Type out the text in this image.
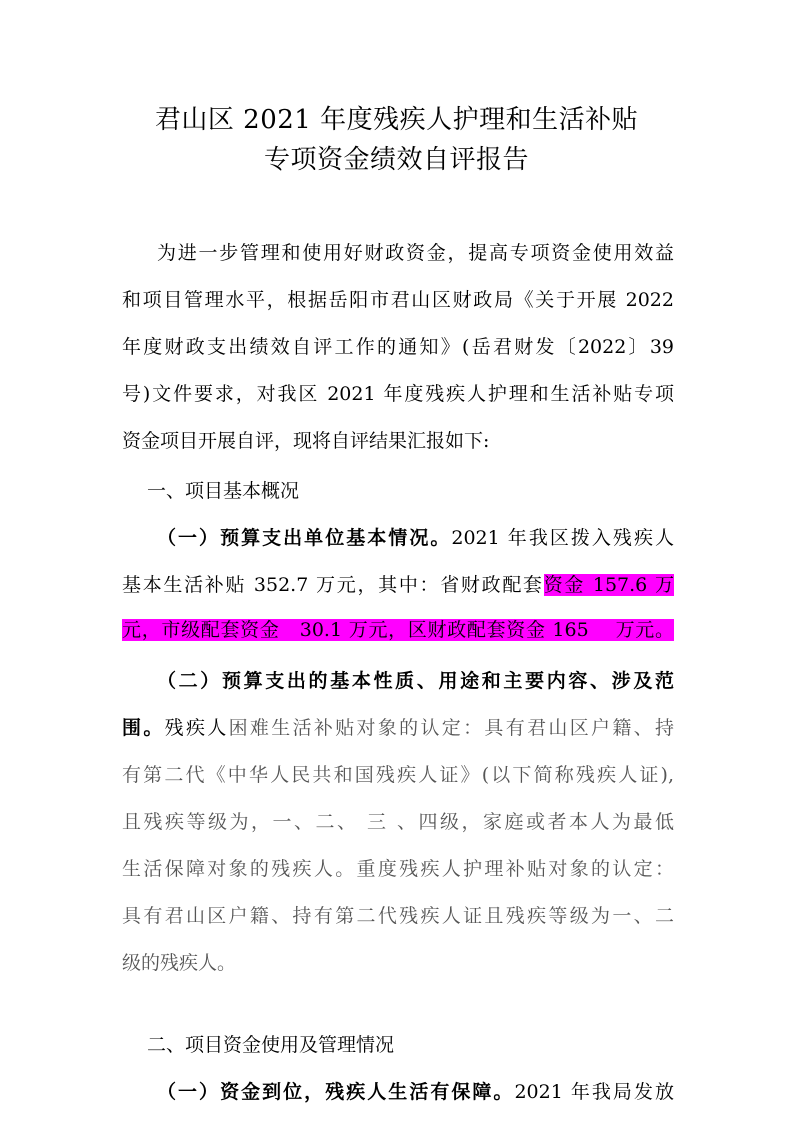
君山区 2021 年度残疾人护理和生活补贴
专项资金绩效自评报告
为进一步管理和使用好财政资金，提高专项资金使用效益
和项目管理水平，根据岳阳市君山区财政局《关于开展 2022
年度财政支出绩效自评工作的通知》(岳君财发〔2022〕39
号)文件要求，对我区 2021 年度残疾人护理和生活补贴专项
资金项目开展自评，现将自评结果汇报如下:
一、项目基本概况
（一）预算支出单位基本情况。2021 年我区拨入残疾人
基本生活补贴 352.7 万元，其中：省财政配套资金 157.6 万
元，市级配套资金   30.1 万元，区财政配套资金 165    万元。
（二）预算支出的基本性质、用途和主要内容、涉及范
围。残疾人困难生活补贴对象的认定：具有君山区户籍、持
有第二代《中华人民共和国残疾人证》(以下简称残疾人证),
且残疾等级为，一、二、 三 、四级，家庭或者本人为最低
生活保障对象的残疾人。重度残疾人护理补贴对象的认定：
具有君山区户籍、持有第二代残疾人证且残疾等级为一、二
级的残疾人。
二、项目资金使用及管理情况
（一）资金到位，残疾人生活有保障。2021 年我局发放
